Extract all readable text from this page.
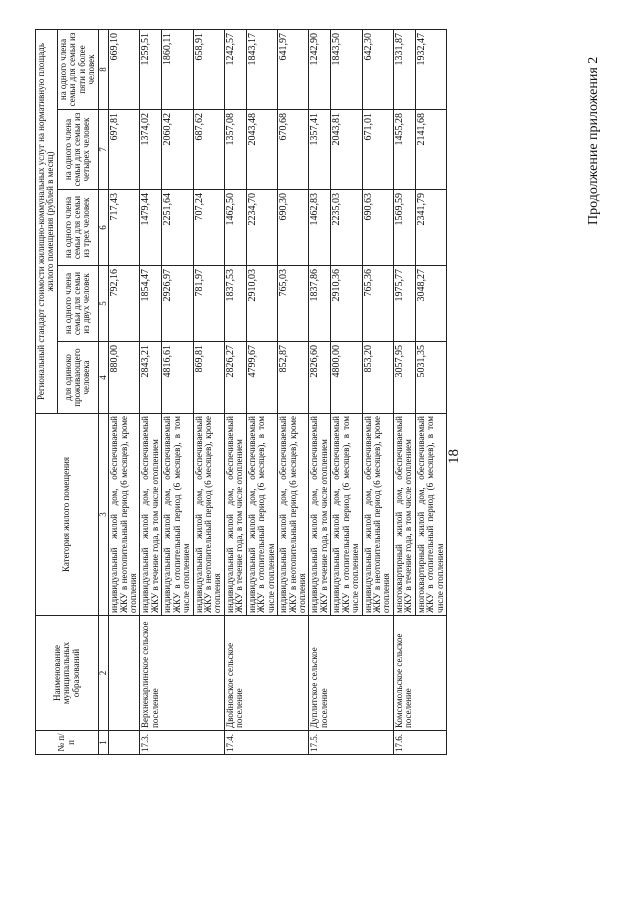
18
Продолжение приложения 2
№ п/п	Наименование муниципальных образований	Категория жилого помещения	Региональный стандарт стоимости жилищно-коммунальных услуг на нормативную площадь жилого помещения (рублей в месяц)				
			для одиноко проживающего человека	на одного члена семьи для семьи из двух человек	на одного члена семьи для семьи из трех человек	на одного члена семьи для семьи из четырех человек	на одного члена семьи для семьи из пяти и более человек
1	2	3	4	5	6	7	8
		индивидуальный жилой дом, обеспечиваемый ЖКУ в неотопительный период (6 месяцев), кроме отопления	880,00	792,16	717,43	697,81	669,10
17.3.	Верхнекарлинское сельское поселение	индивидуальный жилой дом, обеспечиваемый ЖКУ в течение года, в том числе отоплением	2843,21	1854,47	1479,44	1374,02	1259,51
		индивидуальный жилой дом, обеспечиваемый ЖКУ в отопительный период (6 месяцев), в том числе отоплением	4816,61	2926,97	2251,64	2060,42	1860,11
		индивидуальный жилой дом, обеспечиваемый ЖКУ в неотопительный период (6 месяцев), кроме отопления	869,81	781,97	707,24	687,62	658,91
17.4.	Двойновское сельское поселение	индивидуальный жилой дом, обеспечиваемый ЖКУ в течение года, в том числе отоплением	2826,27	1837,53	1462,50	1357,08	1242,57
		индивидуальный жилой дом, обеспечиваемый ЖКУ в отопительный период (6 месяцев), в том числе отоплением	4799,67	2910,03	2234,70	2043,48	1843,17
		индивидуальный жилой дом, обеспечиваемый ЖКУ в неотопительный период (6 месяцев), кроме отопления	852,87	765,03	690,30	670,68	641,97
17.5.	Дуплитское сельское поселение	индивидуальный жилой дом, обеспечиваемый ЖКУ в течение года, в том числе отоплением	2826,60	1837,86	1462,83	1357,41	1242,90
		индивидуальный жилой дом, обеспечиваемый ЖКУ в отопительный период (6 месяцев), в том числе отоплением	4800,00	2910,36	2235,03	2043,81	1843,50
		индивидуальный жилой дом, обеспечиваемый ЖКУ в неотопительный период (6 месяцев), кроме отопления	853,20	765,36	690,63	671,01	642,30
17.6.	Комсомольское сельское поселение	многоквартирный жилой дом, обеспечиваемый ЖКУ в течение года, в том числе отоплением	3057,95	1975,77	1569,59	1455,28	1331,87
		многоквартирный жилой дом, обеспечиваемый ЖКУ в отопительный период (6 месяцев), в том числе отоплением	5031,35	3048,27	2341,79	2141,68	1932,47
